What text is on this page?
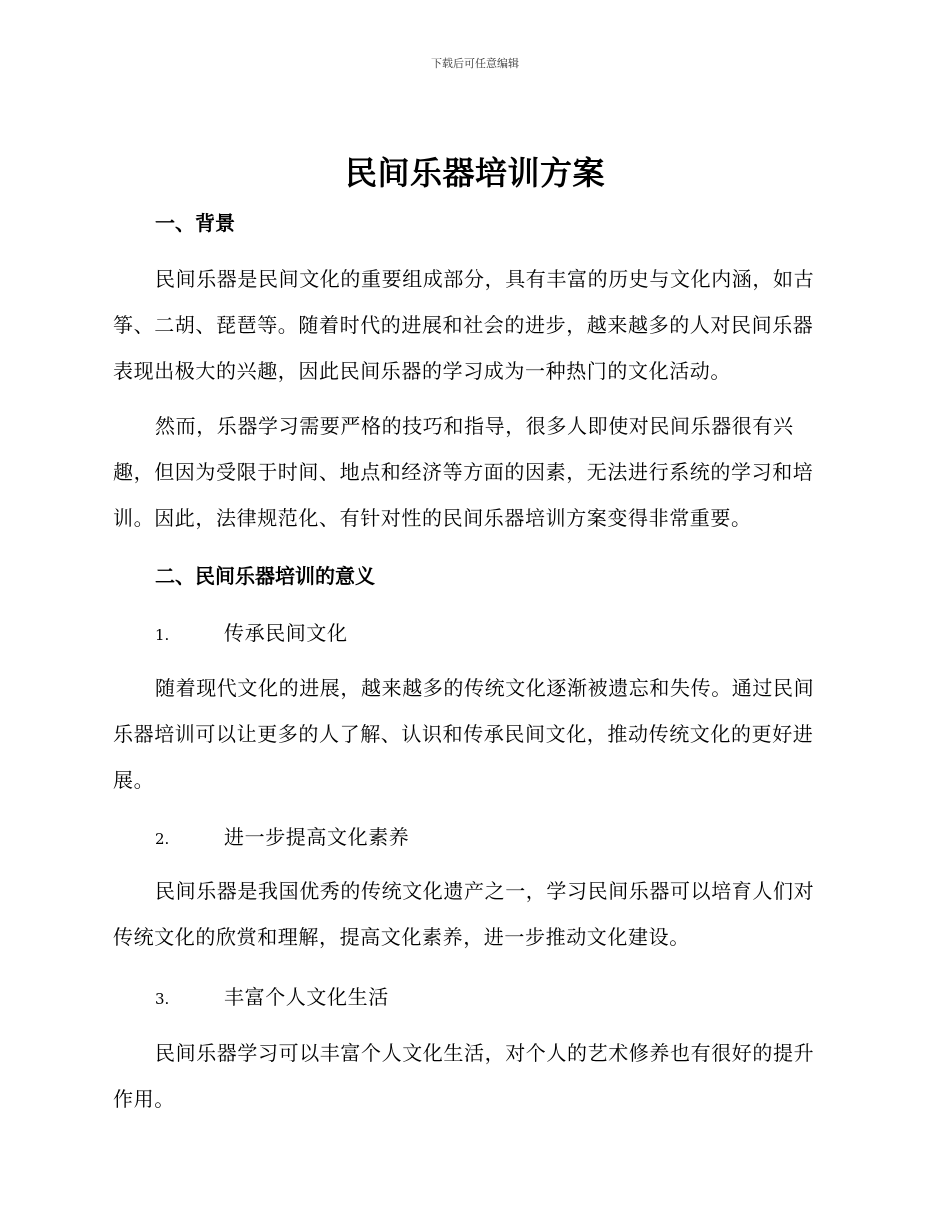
下载后可任意编辑
民间乐器培训方案
一、背景

民间乐器是民间文化的重要组成部分，具有丰富的历史与文化内涵，如古筝、二胡、琵琶等。随着时代的进展和社会的进步，越来越多的人对民间乐器表现出极大的兴趣，因此民间乐器的学习成为一种热门的文化活动。

然而，乐器学习需要严格的技巧和指导，很多人即使对民间乐器很有兴趣，但因为受限于时间、地点和经济等方面的因素，无法进行系统的学习和培训。因此，法律规范化、有针对性的民间乐器培训方案变得非常重要。

二、民间乐器培训的意义
1.	传承民间文化

随着现代文化的进展，越来越多的传统文化逐渐被遗忘和失传。通过民间乐器培训可以让更多的人了解、认识和传承民间文化，推动传统文化的更好进展。

2.	进一步提高文化素养

民间乐器是我国优秀的传统文化遗产之一，学习民间乐器可以培育人们对传统文化的欣赏和理解，提高文化素养，进一步推动文化建设。

3.	丰富个人文化生活

民间乐器学习可以丰富个人文化生活，对个人的艺术修养也有很好的提升作用。
